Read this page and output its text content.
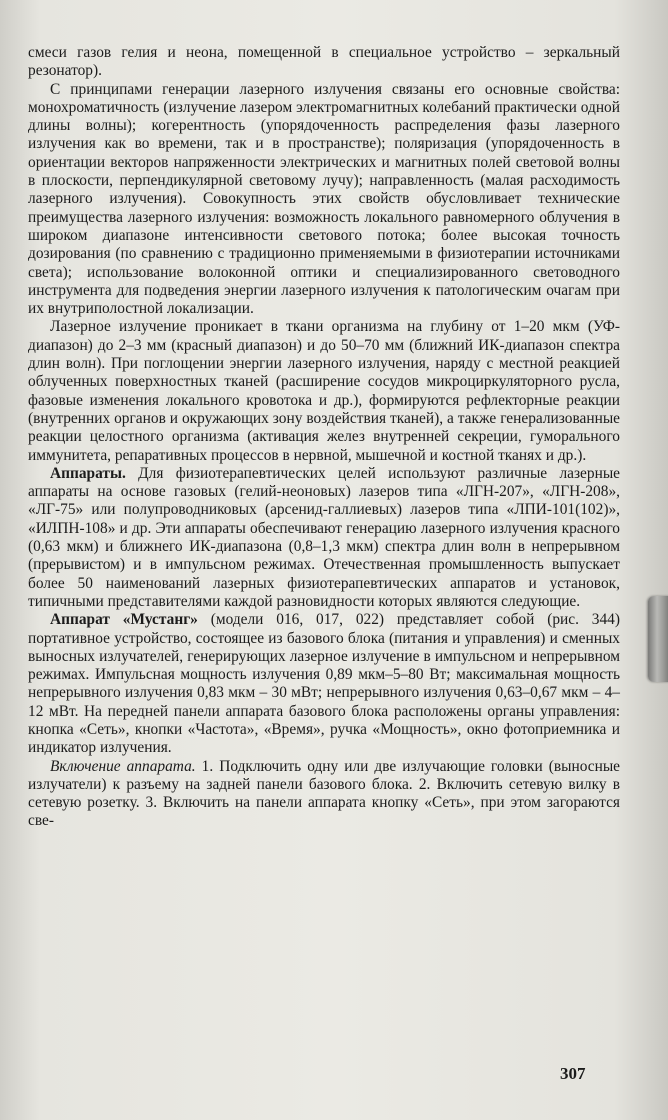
смеси газов гелия и неона, помещенной в специальное устройство – зеркальный резонатор).

С принципами генерации лазерного излучения связаны его основные свойства: монохроматичность (излучение лазером электромагнитных колебаний практически одной длины волны); когерентность (упорядоченность распределения фазы лазерного излучения как во времени, так и в пространстве); поляризация (упорядоченность в ориентации векторов напряженности электрических и магнитных полей световой волны в плоскости, перпендикулярной световому лучу); направленность (малая расходимость лазерного излучения). Совокупность этих свойств обусловливает технические преимущества лазерного излучения: возможность локального равномерного облучения в широком диапазоне интенсивности светового потока; более высокая точность дозирования (по сравнению с традиционно применяемыми в физиотерапии источниками света); использование волоконной оптики и специализированного световодного инструмента для подведения энергии лазерного излучения к патологическим очагам при их внутриполостной локализации.

Лазерное излучение проникает в ткани организма на глубину от 1–20 мкм (УФ-диапазон) до 2–3 мм (красный диапазон) и до 50–70 мм (ближний ИК-диапазон спектра длин волн). При поглощении энергии лазерного излучения, наряду с местной реакцией облученных поверхностных тканей (расширение сосудов микроциркуляторного русла, фазовые изменения локального кровотока и др.), формируются рефлекторные реакции (внутренних органов и окружающих зону воздействия тканей), а также генерализованные реакции целостного организма (активация желез внутренней секреции, гуморального иммунитета, репаративных процессов в нервной, мышечной и костной тканях и др.).

Аппараты. Для физиотерапевтических целей используют различные лазерные аппараты на основе газовых (гелий-неоновых) лазеров типа «ЛГН-207», «ЛГН-208», «ЛГ-75» или полупроводниковых (арсенид-галлиевых) лазеров типа «ЛПИ-101(102)», «ИЛПН-108» и др. Эти аппараты обеспечивают генерацию лазерного излучения красного (0,63 мкм) и ближнего ИК-диапазона (0,8–1,3 мкм) спектра длин волн в непрерывном (прерывистом) и в импульсном режимах. Отечественная промышленность выпускает более 50 наименований лазерных физиотерапевтических аппаратов и установок, типичными представителями каждой разновидности которых являются следующие.

Аппарат «Мустанг» (модели 016, 017, 022) представляет собой (рис. 344) портативное устройство, состоящее из базового блока (питания и управления) и сменных выносных излучателей, генерирующих лазерное излучение в импульсном и непрерывном режимах. Импульсная мощность излучения 0,89 мкм–5–80 Вт; максимальная мощность непрерывного излучения 0,83 мкм – 30 мВт; непрерывного излучения 0,63–0,67 мкм – 4–12 мВт. На передней панели аппарата базового блока расположены органы управления: кнопка «Сеть», кнопки «Частота», «Время», ручка «Мощность», окно фотоприемника и индикатор излучения.

Включение аппарата. 1. Подключить одну или две излучающие головки (выносные излучатели) к разъему на задней панели базового блока. 2. Включить сетевую вилку в сетевую розетку. 3. Включить на панели аппарата кнопку «Сеть», при этом загораются све-

307
